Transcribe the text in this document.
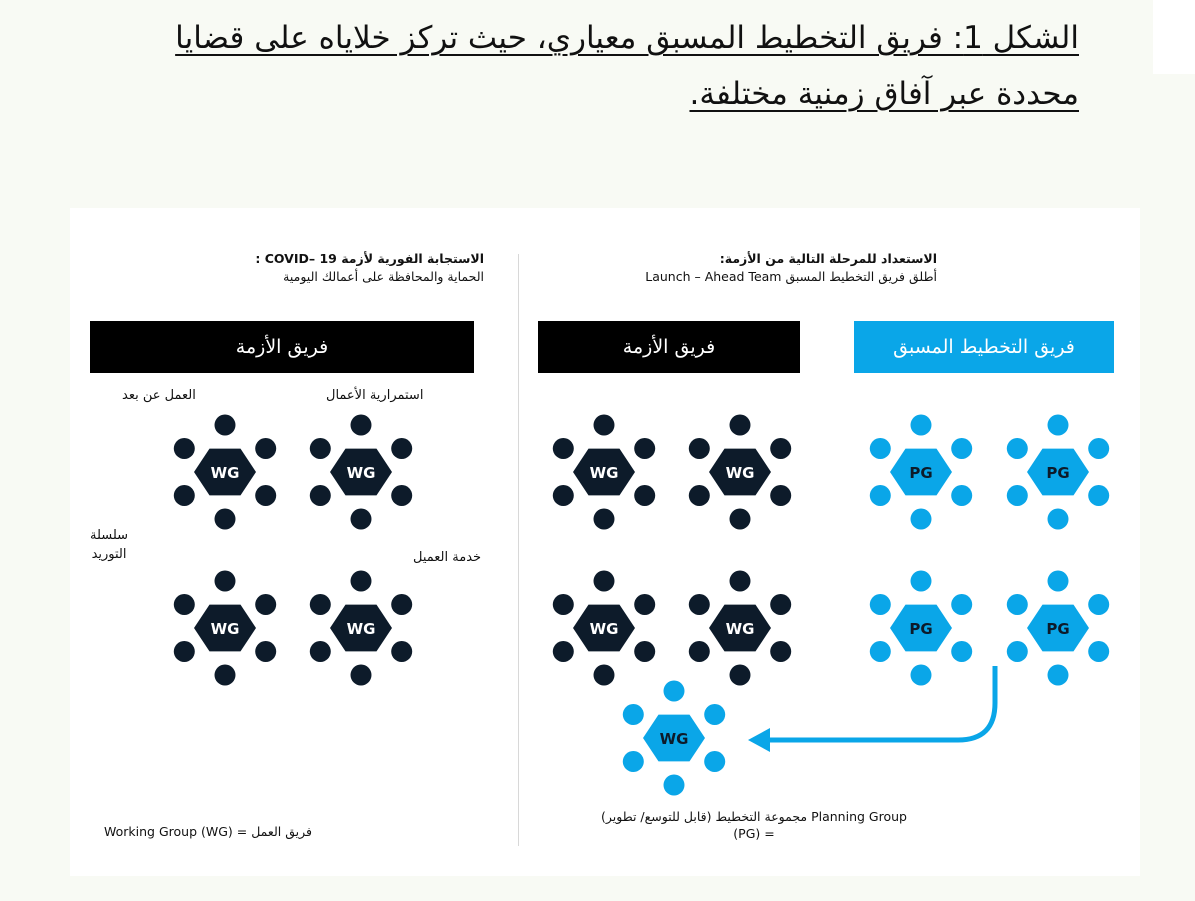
الشكل 1: فريق التخطيط المسبق معياري، حيث تركز خلاياه على قضايا محددة عبر آفاق زمنية مختلفة.
الاستجابة الفورية لأزمة COVID– 19 :
الحماية والمحافظة على أعمالك اليومية
الاستعداد للمرحلة التالية من الأزمة:
أطلق فريق التخطيط المسبق Launch – Ahead Team
فريق الأزمة	فريق الأزمة	فريق التخطيط المسبق
العمل عن بعد	استمرارية الأعمال
سلسلة
التوريد	خدمة العميل
WG	WG
WG	WG
WG	WG
WG	WG
PG	PG
PG	PG
WG
Working Group (WG) = فريق العمل
مجموعة التخطيط (قابل للتوسع/ تطوير) Planning Group
(PG) =
